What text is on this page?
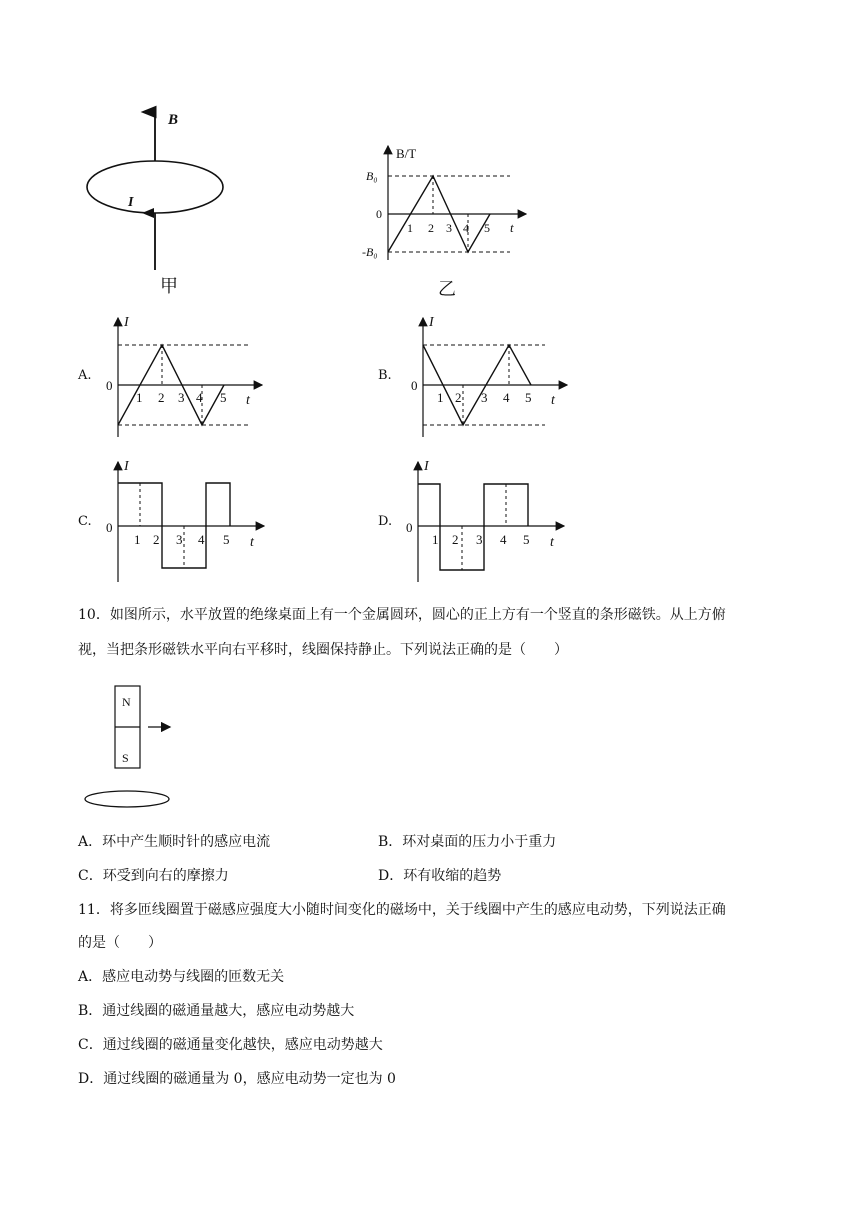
B
I
甲
B/T
B₀
0
-B₀
1 2 3 4 5 t
乙
A.
I
0
1 2 3 4 5 t
B.
I
0
1 2 3 4 5 t
C.
I
0
1 2 3 4 5 t
D.
I
0
1 2 3 4 5 t
10．如图所示，水平放置的绝缘桌面上有一个金属圆环，圆心的正上方有一个竖直的条形磁铁。从上方俯
视，当把条形磁铁水平向右平移时，线圈保持静止。下列说法正确的是（　　）
N
S
A．环中产生顺时针的感应电流	B．环对桌面的压力小于重力
C．环受到向右的摩擦力	D．环有收缩的趋势
11．将多匝线圈置于磁感应强度大小随时间变化的磁场中，关于线圈中产生的感应电动势，下列说法正确
的是（　　）
A．感应电动势与线圈的匝数无关
B．通过线圈的磁通量越大，感应电动势越大
C．通过线圈的磁通量变化越快，感应电动势越大
D．通过线圈的磁通量为 0，感应电动势一定也为 0
